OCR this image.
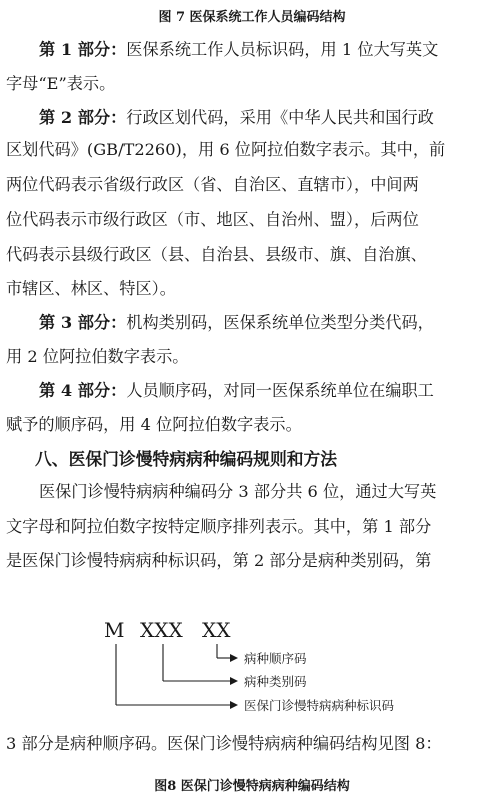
图 7 医保系统工作人员编码结构
第 1 部分：医保系统工作人员标识码，用 1 位大写英文
字母“E”表示。
第 2 部分：行政区划代码，采用《中华人民共和国行政
区划代码》(GB/T2260)，用 6 位阿拉伯数字表示。其中，前
两位代码表示省级行政区（省、自治区、直辖市），中间两
位代码表示市级行政区（市、地区、自治州、盟），后两位
代码表示县级行政区（县、自治县、县级市、旗、自治旗、
市辖区、林区、特区）。
第 3 部分：机构类别码，医保系统单位类型分类代码，
用 2 位阿拉伯数字表示。
第 4 部分：人员顺序码，对同一医保系统单位在编职工
赋予的顺序码，用 4 位阿拉伯数字表示。
八、医保门诊慢特病病种编码规则和方法
医保门诊慢特病病种编码分 3 部分共 6 位，通过大写英
文字母和阿拉伯数字按特定顺序排列表示。其中，第 1 部分
是医保门诊慢特病病种标识码，第 2 部分是病种类别码，第
M XXX XX
医保门诊慢特病病种标识码
病种类别码
病种顺序码
3 部分是病种顺序码。医保门诊慢特病病种编码结构见图 8：
图8 医保门诊慢特病病种编码结构
